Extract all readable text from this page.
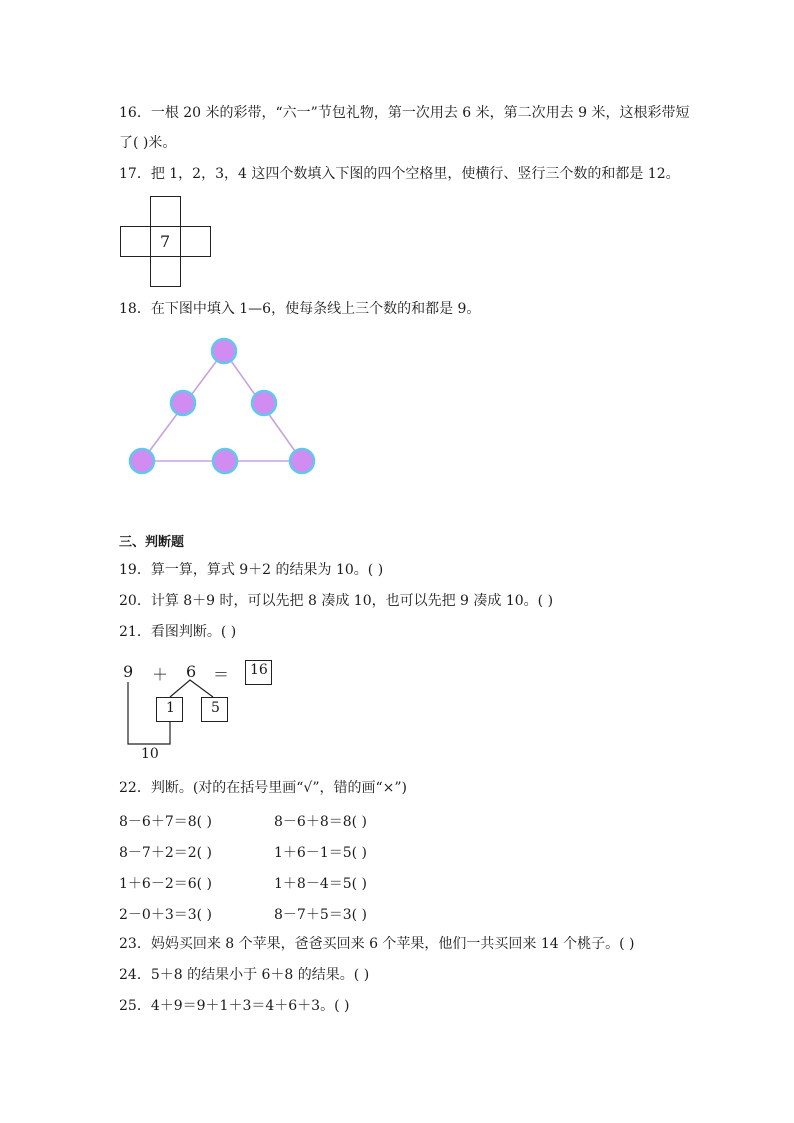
16．一根 20 米的彩带，“六一”节包礼物，第一次用去 6 米，第二次用去 9 米，这根彩带短
了( )米。
17．把 1，2，3，4 这四个数填入下图的四个空格里，使横行、竖行三个数的和都是 12。
7
18．在下图中填入 1—6，使每条线上三个数的和都是 9。
三、判断题
19．算一算，算式 9＋2 的结果为 10。( )
20．计算 8＋9 时，可以先把 8 凑成 10，也可以先把 9 凑成 10。( )
21．看图判断。( )
9 ＋ 6 ＝ 16
1	5
10
22．判断。(对的在括号里画“√”，错的画“×”)
8－6＋7＝8( )	8－6＋8＝8( )
8－7＋2＝2( )	1＋6－1＝5( )
1＋6－2＝6( )	1＋8－4＝5( )
2－0＋3＝3( )	8－7＋5＝3( )
23．妈妈买回来 8 个苹果，爸爸买回来 6 个苹果，他们一共买回来 14 个桃子。( )
24．5＋8 的结果小于 6＋8 的结果。( )
25．4＋9＝9＋1＋3＝4＋6＋3。( )
